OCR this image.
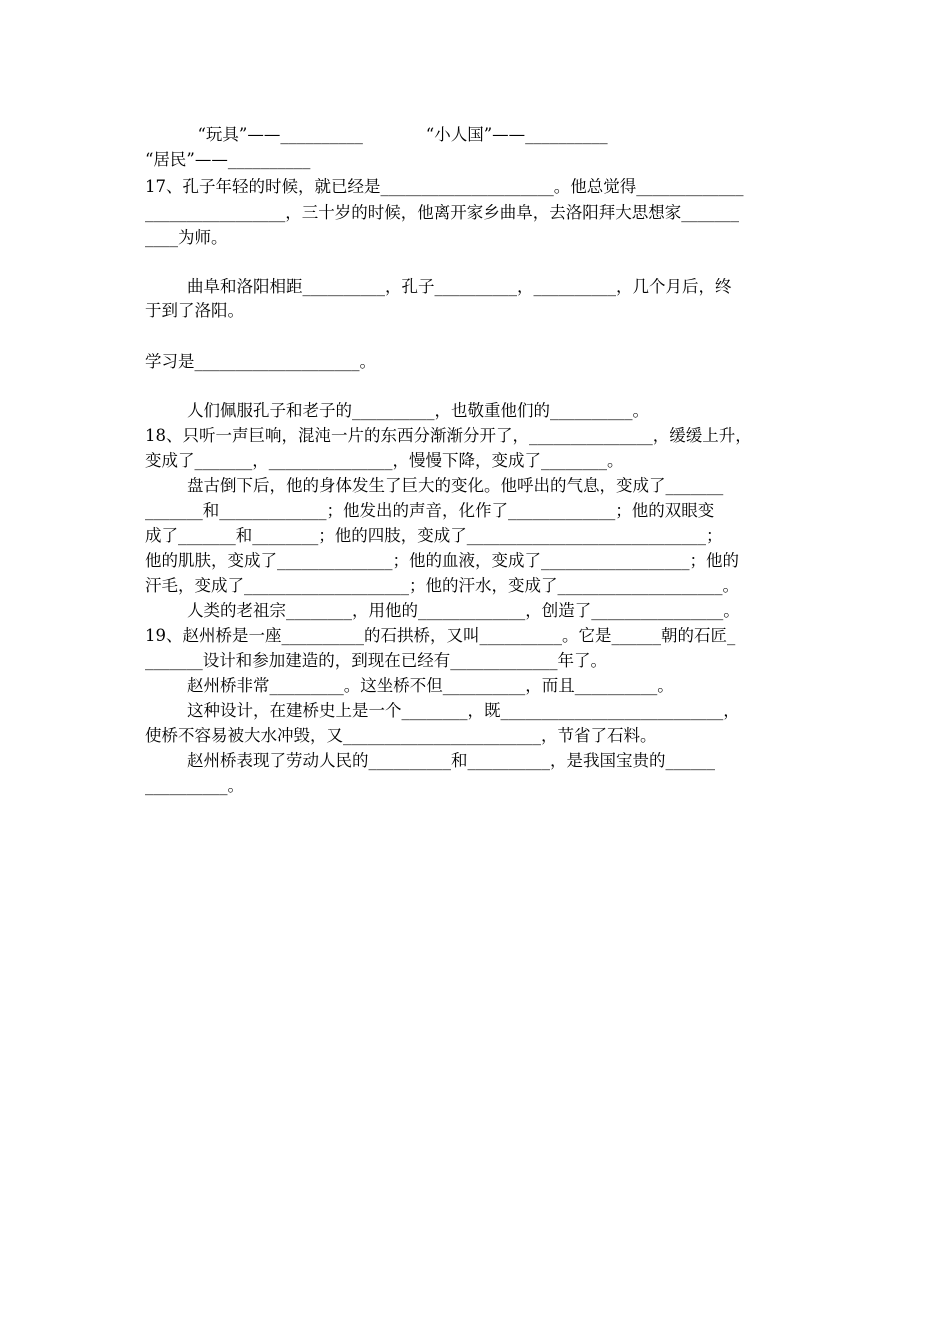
“玩具”——__________            “小人国”——__________
“居民”——__________
17、孔子年轻的时候，就已经是_____________________。他总觉得_____________
_________________，三十岁的时候，他离开家乡曲阜，去洛阳拜大思想家_______
____为师。
曲阜和洛阳相距__________，孔子__________，__________，几个月后，终
于到了洛阳。
学习是____________________。
人们佩服孔子和老子的__________，也敬重他们的__________。
18、只听一声巨响，混沌一片的东西分渐渐分开了，_______________，缓缓上升，
变成了_______，_______________，慢慢下降，变成了________。
盘古倒下后，他的身体发生了巨大的变化。他呼出的气息，变成了_______
_______和_____________；他发出的声音，化作了_____________；他的双眼变
成了_______和________；他的四肢，变成了_____________________________；
他的肌肤，变成了______________；他的血液，变成了__________________；他的
汗毛，变成了____________________；他的汗水，变成了____________________。
人类的老祖宗________，用他的_____________，创造了________________。
19、赵州桥是一座__________的石拱桥，又叫__________。它是______朝的石匠_
_______设计和参加建造的，到现在已经有_____________年了。
赵州桥非常_________。这坐桥不但__________，而且__________。
这种设计，在建桥史上是一个________，既___________________________，
使桥不容易被大水冲毁，又________________________，节省了石料。
赵州桥表现了劳动人民的__________和__________，是我国宝贵的______
__________。
